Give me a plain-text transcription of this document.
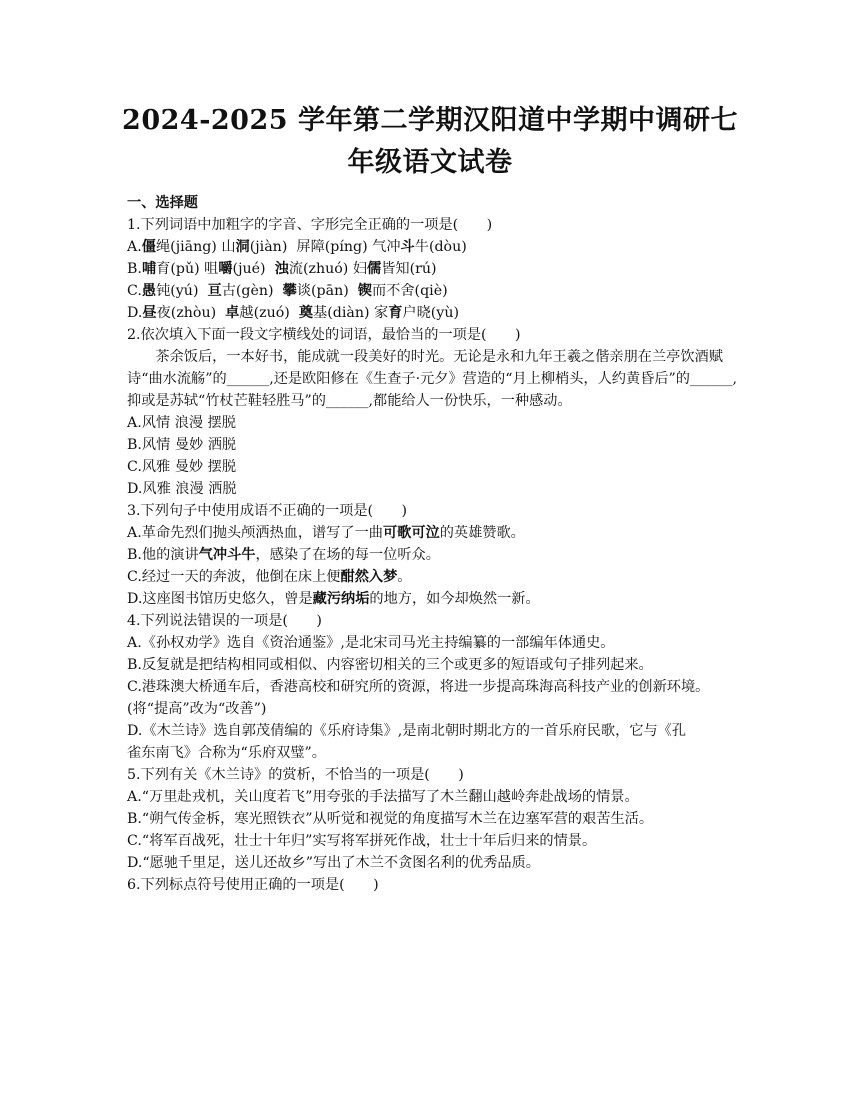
2024-2025 学年第二学期汉阳道中学期中调研七
年级语文试卷

一、选择题

1.下列词语中加粗字的字音、字形完全正确的一项是(　　)

A.僵绳(jiāng) 山洞(jiàn)  屏障(píng) 气冲斗牛(dòu)

B.哺育(pǔ) 咀嚼(jué)  浊流(zhuó) 妇儒皆知(rú)

C.愚钝(yú)  亘古(gèn)  攀谈(pān)  锲而不舍(qiè)

D.昼夜(zhòu)  卓越(zuó)  奠基(diàn) 家育户晓(yù)

2.依次填入下面一段文字横线处的词语，最恰当的一项是(　　)

茶余饭后，一本好书，能成就一段美好的时光。无论是永和九年王羲之偕亲朋在兰亭饮酒赋诗“曲水流觞”的______,还是欧阳修在《生查子·元夕》营造的“月上柳梢头，人约黄昏后”的______,抑或是苏轼“竹杖芒鞋轻胜马”的______,都能给人一份快乐，一种感动。

A.风情 浪漫 摆脱

B.风情 曼妙 洒脱

C.风雅 曼妙 摆脱

D.风雅 浪漫 洒脱

3.下列句子中使用成语不正确的一项是(　　)

A.革命先烈们抛头颅洒热血，谱写了一曲可歌可泣的英雄赞歌。

B.他的演讲气冲斗牛，感染了在场的每一位听众。

C.经过一天的奔波，他倒在床上便酣然入梦。

D.这座图书馆历史悠久，曾是藏污纳垢的地方，如今却焕然一新。

4.下列说法错误的一项是(　　)

A.《孙权劝学》选自《资治通鉴》,是北宋司马光主持编纂的一部编年体通史。

B.反复就是把结构相同或相似、内容密切相关的三个或更多的短语或句子排列起来。

C.港珠澳大桥通车后，香港高校和研究所的资源，将进一步提高珠海高科技产业的创新环境。(将“提高”改为“改善”)

D.《木兰诗》选自郭茂倩编的《乐府诗集》,是南北朝时期北方的一首乐府民歌，它与《孔

雀东南飞》合称为“乐府双璧”。

5.下列有关《木兰诗》的赏析，不恰当的一项是(　　)

A.“万里赴戎机，关山度若飞”用夸张的手法描写了木兰翻山越岭奔赴战场的情景。

B.“朔气传金柝，寒光照铁衣”从听觉和视觉的角度描写木兰在边塞军营的艰苦生活。

C.“将军百战死，壮士十年归”实写将军拼死作战，壮士十年后归来的情景。

D.“愿驰千里足，送儿还故乡”写出了木兰不贪图名利的优秀品质。

6.下列标点符号使用正确的一项是(　　)
